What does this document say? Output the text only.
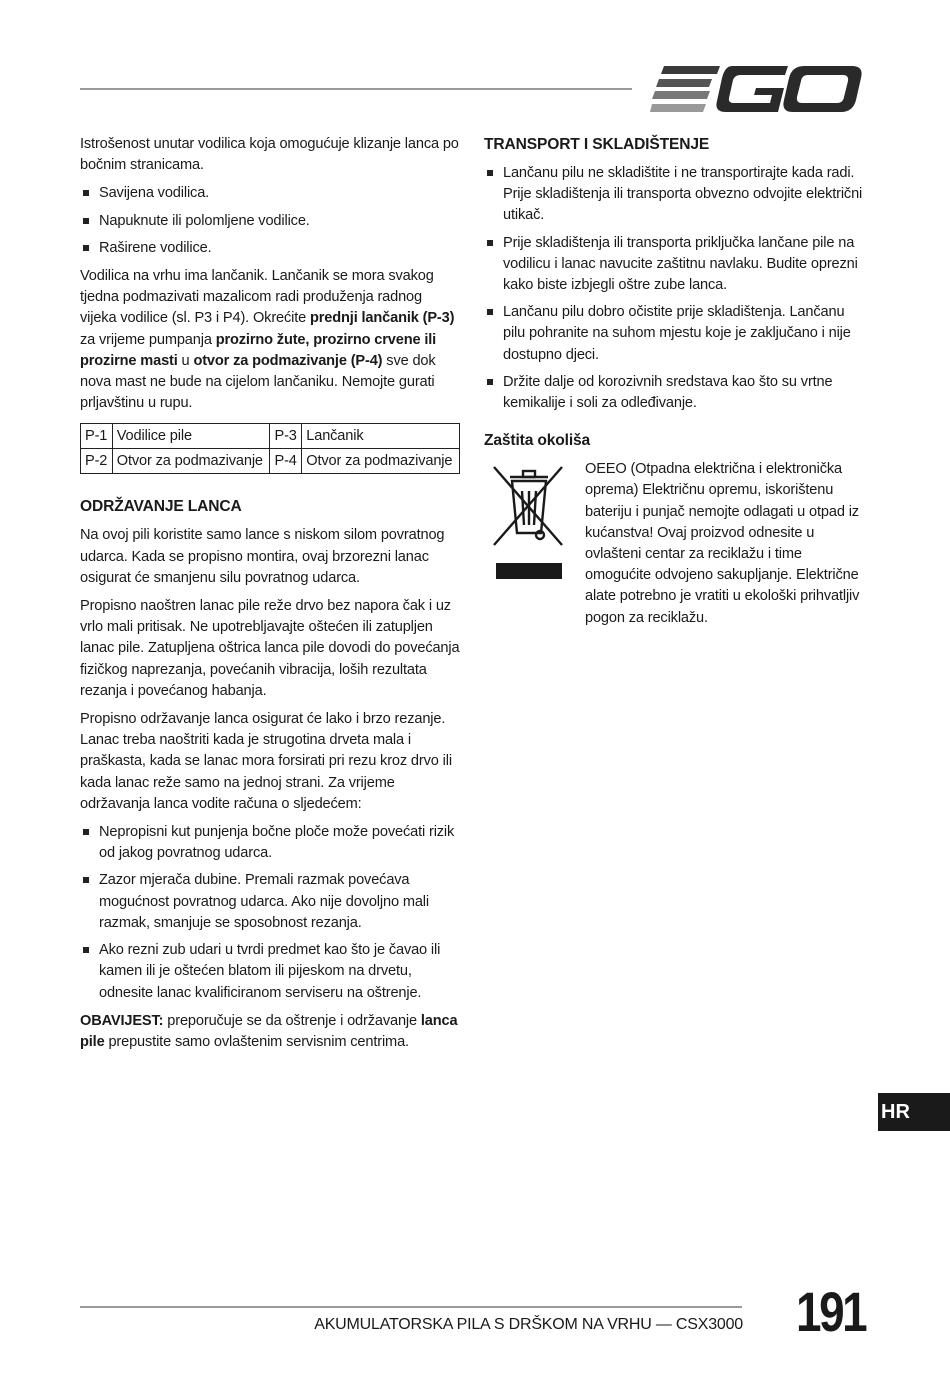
Istrošenost unutar vodilica koja omogućuje klizanje lanca po bočnim stranicama.

Savijena vodilica.
Napuknute ili polomljene vodilice.
Raširene vodilice.

Vodilica na vrhu ima lančanik. Lančanik se mora svakog tjedna podmazivati mazalicom radi produženja radnog vijeka vodilice (sl. P3 i P4). Okrećite prednji lančanik (P-3) za vrijeme pumpanja prozirno žute, prozirno crvene ili prozirne masti u otvor za podmazivanje (P-4) sve dok nova mast ne bude na cijelom lančaniku. Nemojte gurati prljavštinu u rupu.

P-1	Vodilice pile	P-3	Lančanik
P-2	Otvor za podmazivanje	P-4	Otvor za podmazivanje
ODRŽAVANJE LANCA

Na ovoj pili koristite samo lance s niskom silom povratnog udarca. Kada se propisno montira, ovaj brzorezni lanac osigurat će smanjenu silu povratnog udarca.

Propisno naoštren lanac pile reže drvo bez napora čak i uz vrlo mali pritisak. Ne upotrebljavajte oštećen ili zatupljen lanac pile. Zatupljena oštrica lanca pile dovodi do povećanja fizičkog naprezanja, povećanih vibracija, loših rezultata rezanja i povećanog habanja.

Propisno održavanje lanca osigurat će lako i brzo rezanje. Lanac treba naoštriti kada je strugotina drveta mala i praškasta, kada se lanac mora forsirati pri rezu kroz drvo ili kada lanac reže samo na jednoj strani. Za vrijeme održavanja lanca vodite računa o sljedećem:

Nepropisni kut punjenja bočne ploče može povećati rizik od jakog povratnog udarca.
Zazor mjerača dubine. Premali razmak povećava mogućnost povratnog udarca. Ako nije dovoljno mali razmak, smanjuje se sposobnost rezanja.
Ako rezni zub udari u tvrdi predmet kao što je čavao ili kamen ili je oštećen blatom ili pijeskom na drvetu, odnesite lanac kvalificiranom serviseru na oštrenje.

OBAVIJEST: preporučuje se da oštrenje i održavanje lanca pile prepustite samo ovlaštenim servisnim centrima.

TRANSPORT I SKLADIŠTENJE
Lančanu pilu ne skladištite i ne transportirajte kada radi. Prije skladištenja ili transporta obvezno odvojite električni utikač.
Prije skladištenja ili transporta priključka lančane pile na vodilicu i lanac navucite zaštitnu navlaku. Budite oprezni kako biste izbjegli oštre zube lanca.
Lančanu pilu dobro očistite prije skladištenja. Lančanu pilu pohranite na suhom mjestu koje je zaključano i nije dostupno djeci.
Držite dalje od korozivnih sredstava kao što su vrtne kemikalije i soli za odleđivanje.
Zaštita okoliša

OEEO (Otpadna električna i elektronička oprema) Električnu opremu, iskorištenu bateriju i punjač nemojte odlagati u otpad iz kućanstva! Ovaj proizvod odnesite u ovlašteni centar za reciklažu i time omogućite odvojeno sakupljanje. Električne alate potrebno je vratiti u ekološki prihvatljiv pogon za reciklažu.

HR
AKUMULATORSKA PILA S DRŠKOM NA VRHU — CSX3000 191
